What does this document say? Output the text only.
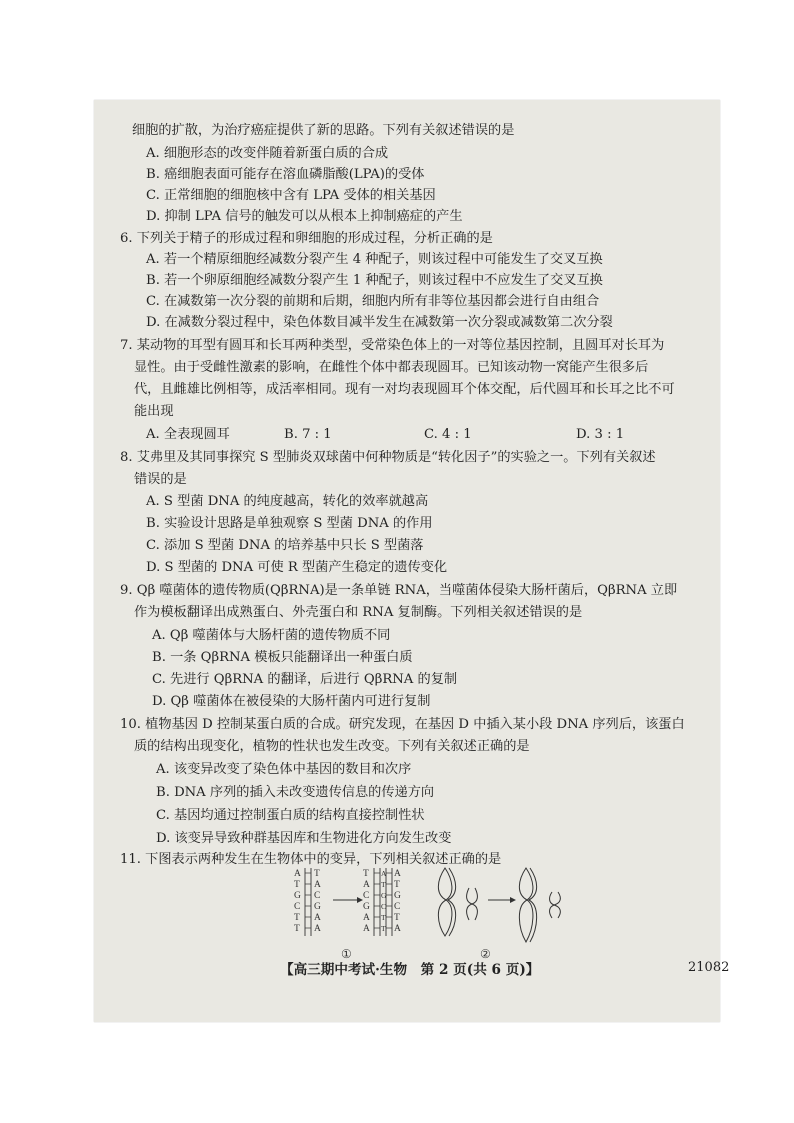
细胞的扩散，为治疗癌症提供了新的思路。下列有关叙述错误的是
A. 细胞形态的改变伴随着新蛋白质的合成
B. 癌细胞表面可能存在溶血磷脂酸(LPA)的受体
C. 正常细胞的细胞核中含有 LPA 受体的相关基因
D. 抑制 LPA 信号的触发可以从根本上抑制癌症的产生
6. 下列关于精子的形成过程和卵细胞的形成过程，分析正确的是
A. 若一个精原细胞经减数分裂产生 4 种配子，则该过程中可能发生了交叉互换
B. 若一个卵原细胞经减数分裂产生 1 种配子，则该过程中不应发生了交叉互换
C. 在减数第一次分裂的前期和后期，细胞内所有非等位基因都会进行自由组合
D. 在减数分裂过程中，染色体数目减半发生在减数第一次分裂或减数第二次分裂
7. 某动物的耳型有圆耳和长耳两种类型，受常染色体上的一对等位基因控制，且圆耳对长耳为
显性。由于受雌性激素的影响，在雌性个体中都表现圆耳。已知该动物一窝能产生很多后
代，且雌雄比例相等，成活率相同。现有一对均表现圆耳个体交配，后代圆耳和长耳之比不可
能出现
A. 全表现圆耳	B. 7 : 1	C. 4 : 1	D. 3 : 1
8. 艾弗里及其同事探究 S 型肺炎双球菌中何种物质是“转化因子”的实验之一。下列有关叙述
错误的是
A. S 型菌 DNA 的纯度越高，转化的效率就越高
B. 实验设计思路是单独观察 S 型菌 DNA 的作用
C. 添加 S 型菌 DNA 的培养基中只长 S 型菌落
D. S 型菌的 DNA 可使 R 型菌产生稳定的遗传变化
9. Qβ 噬菌体的遗传物质(QβRNA)是一条单链 RNA，当噬菌体侵染大肠杆菌后，QβRNA 立即
作为模板翻译出成熟蛋白、外壳蛋白和 RNA 复制酶。下列相关叙述错误的是
A. Qβ 噬菌体与大肠杆菌的遗传物质不同
B. 一条 QβRNA 模板只能翻译出一种蛋白质
C. 先进行 QβRNA 的翻译，后进行 QβRNA 的复制
D. Qβ 噬菌体在被侵染的大肠杆菌内可进行复制
10. 植物基因 D 控制某蛋白质的合成。研究发现，在基因 D 中插入某小段 DNA 序列后，该蛋白
质的结构出现变化，植物的性状也发生改变。下列有关叙述正确的是
A. 该变异改变了染色体中基因的数目和次序
B. DNA 序列的插入未改变遗传信息的传递方向
C. 基因均通过控制蛋白质的结构直接控制性状
D. 该变异导致种群基因库和生物进化方向发生改变
11. 下图表示两种发生在生物体中的变异，下列相关叙述正确的是
A
T
G
C
T
T
T
A
C
G
A
A
T
A
C
G
A
A
A
T
G
C
T
T
A
T
G
C
T
A
①	②
【高三期中考试·生物　第 2 页(共 6 页)】	21082
